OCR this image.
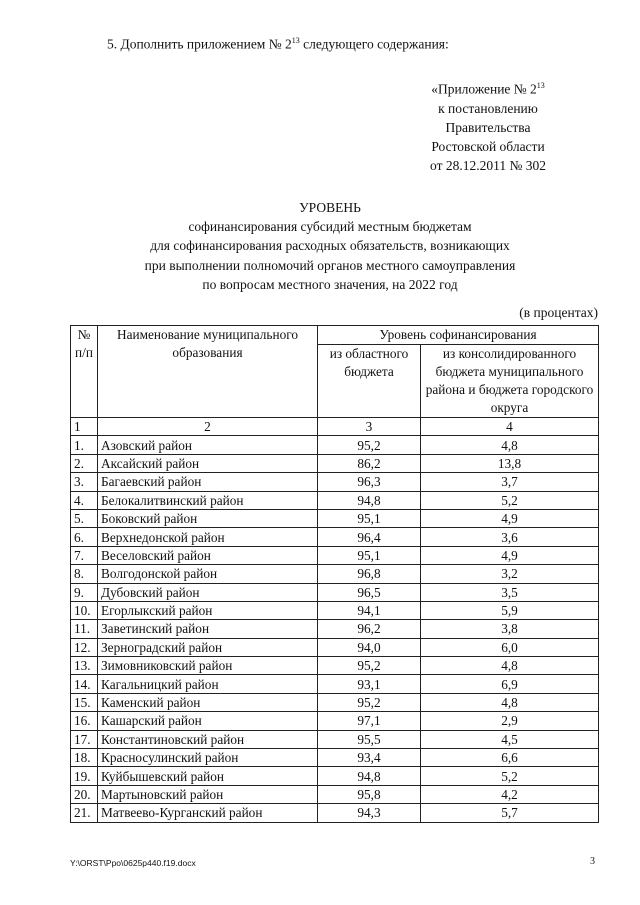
5. Дополнить приложением № $2^{13}$ следующего содержания:
«Приложение № $2^{13}$
к постановлению
Правительства
Ростовской области
от 28.12.2011 № 302
УРОВЕНЬ
софинансирования субсидий местным бюджетам
для софинансирования расходных обязательств, возникающих
при выполнении полномочий органов местного самоуправления
по вопросам местного значения, на 2022 год
(в процентах)
№ п/п	Наименование муниципального образования	Уровень софинансирования	
		из областного бюджета	из консолидированного бюджета муниципального района и бюджета городского округа
1	2	3	4
1.	Азовский район	95,2	4,8
2.	Аксайский район	86,2	13,8
3.	Багаевский район	96,3	3,7
4.	Белокалитвинский район	94,8	5,2
5.	Боковский район	95,1	4,9
6.	Верхнедонской район	96,4	3,6
7.	Веселовский район	95,1	4,9
8.	Волгодонской район	96,8	3,2
9.	Дубовский район	96,5	3,5
10.	Егорлыкский район	94,1	5,9
11.	Заветинский район	96,2	3,8
12.	Зерноградский район	94,0	6,0
13.	Зимовниковский район	95,2	4,8
14.	Кагальницкий район	93,1	6,9
15.	Каменский район	95,2	4,8
16.	Кашарский район	97,1	2,9
17.	Константиновский район	95,5	4,5
18.	Красносулинский район	93,4	6,6
19.	Куйбышевский район	94,8	5,2
20.	Мартыновский район	95,8	4,2
21.	Матвеево-Курганский район	94,3	5,7
Y:\ORST\Ppo\0625p440.f19.docx	3
